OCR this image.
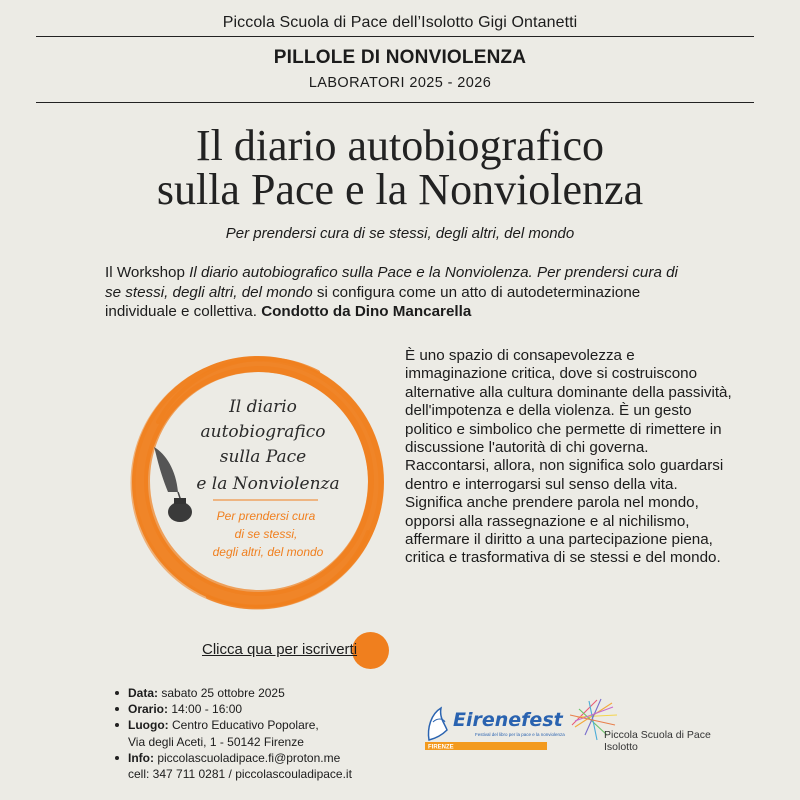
Piccola Scuola di Pace dell’Isolotto Gigi Ontanetti
PILLOLE DI NONVIOLENZA
LABORATORI 2025 - 2026
Il diario autobiografico
sulla Pace e la Nonviolenza
Per prendersi cura di se stessi, degli altri, del mondo
Il Workshop Il diario autobiografico sulla Pace e la Nonviolenza. Per prendersi cura di se stessi, degli altri, del mondo si configura come un atto di autodeterminazione individuale e collettiva. Condotto da Dino Mancarella
Il diario
autobiografico
sulla Pace
e la Nonviolenza
Per prendersi cura
di se stessi,
degli altri, del mondo
È uno spazio di consapevolezza e immaginazione critica, dove si costruiscono alternative alla cultura dominante della passività, dell'impotenza e della violenza. È un gesto politico e simbolico che permette di rimettere in discussione l'autorità di chi governa. Raccontarsi, allora, non significa solo guardarsi dentro e interrogarsi sul senso della vita. Significa anche prendere parola nel mondo, opporsi alla rassegnazione e al nichilismo, affermare il diritto a una partecipazione piena, critica e trasformativa di se stessi e del mondo.
Clicca qua per iscriverti
Data: sabato 25 ottobre 2025
Orario: 14:00 - 16:00
Luogo: Centro Educativo Popolare,
Via degli Aceti, 1 - 50142 Firenze
Info: piccolascuoladipace.fi@proton.me
cell: 347 711 0281 / piccolascouladipace.it
Eirenefest
Festival del libro per la pace e la nonviolenza
FIRENZE
Piccola Scuola di Pace
Isolotto
